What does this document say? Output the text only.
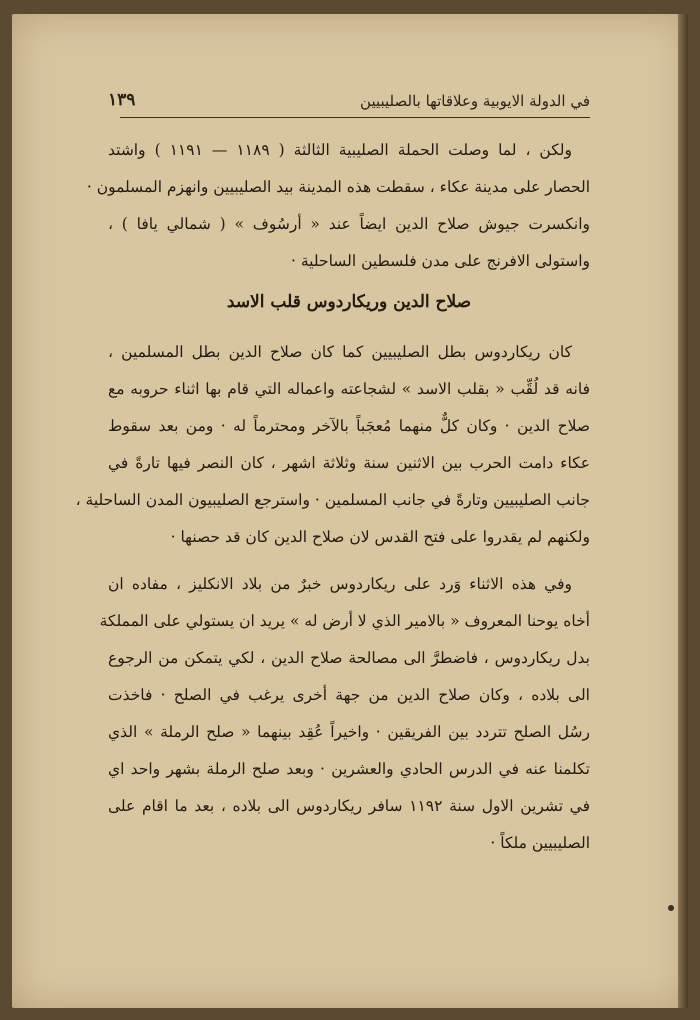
في الدولة الايوبية وعلاقاتها بالصليبيين
١٣٩
ولكن ، لما وصلت الحملة الصليبية الثالثة ( ١١٨٩ — ١١٩١ ) واشتد
الحصار على مدينة عكاء ، سقطت هذه المدينة بيد الصليبيين وانهزم المسلمون ·
وانكسرت جيوش صلاح الدين ايضاً عند « أرسُوف » ( شمالي يافا ) ،
واستولى الافرنج على مدن فلسطين الساحلية ·
صلاح الدين وريكاردوس قلب الاسد
كان ريكاردوس بطل الصليبيين كما كان صلاح الدين بطل المسلمين ،
فانه قد لُقِّب « بقلب الاسد » لشجاعته واعماله التي قام بها اثناء حروبه مع
صلاح الدين · وكان كلٌّ منهما مُعجَباً بالآخر ومحترماً له · ومن بعد سقوط
عكاء دامت الحرب بين الاثنين سنة وثلاثة اشهر ، كان النصر فيها تارةً في
جانب الصليبيين وتارةً في جانب المسلمين · واسترجع الصليبيون المدن الساحلية ،
ولكنهم لم يقدروا على فتح القدس لان صلاح الدين كان قد حصنها ·
وفي هذه الاثناء وَرد على ريكاردوس خبرٌ من بلاد الانكليز ، مفاده ان
أخاه يوحنا المعروف « بالامير الذي لا أرض له » يريد ان يستولي على المملكة
بدل ريكاردوس ، فاضطرَّ الى مصالحة صلاح الدين ، لكي يتمكن من الرجوع
الى بلاده ، وكان صلاح الدين من جهة أخرى يرغب في الصلح · فاخذت
رسُل الصلح تتردد بين الفريقين · واخيراً عُقِد بينهما « صلح الرملة » الذي
تكلمنا عنه في الدرس الحادي والعشرين · وبعد صلح الرملة بشهر واحد اي
في تشرين الاول سنة ١١٩٢ سافر ريكاردوس الى بلاده ، بعد ما اقام على
الصليبيين ملكاً ·
